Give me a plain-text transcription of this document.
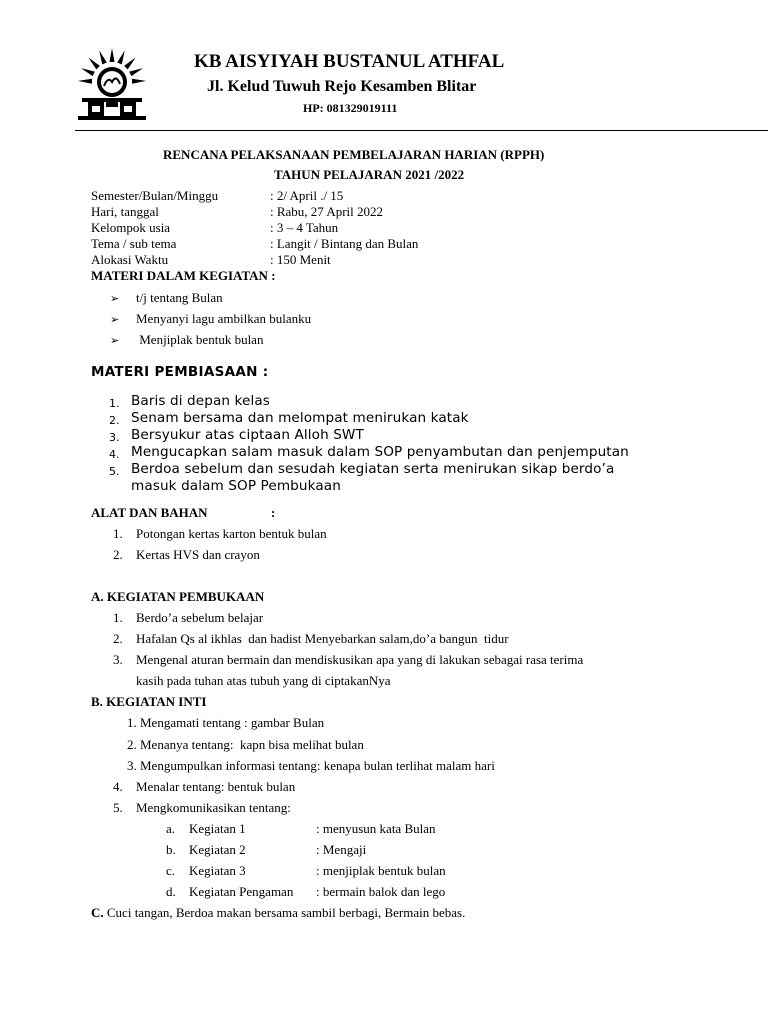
KB AISYIYAH BUSTANUL ATHFAL
Jl. Kelud Tuwuh Rejo Kesamben Blitar
HP: 081329019111
RENCANA PELAKSANAAN PEMBELAJARAN HARIAN (RPPH)
TAHUN PELAJARAN 2021 /2022
Semester/Bulan/Minggu	: 2/ April ./ 15
Hari, tanggal	: Rabu, 27 April 2022
Kelompok usia	: 3 – 4 Tahun
Tema / sub tema	: Langit / Bintang dan Bulan
Alokasi Waktu	: 150 Menit
MATERI DALAM KEGIATAN :
➢ t/j tentang Bulan
➢ Menyanyi lagu ambilkan bulanku
➢ Menjiplak bentuk bulan
MATERI PEMBIASAAN :
1. Baris di depan kelas
2. Senam bersama dan melompat menirukan katak
3. Bersyukur atas ciptaan Alloh SWT
4. Mengucapkan salam masuk dalam SOP penyambutan dan penjemputan
5. Berdoa sebelum dan sesudah kegiatan serta menirukan sikap berdo’a
masuk dalam SOP Pembukaan
ALAT DAN BAHAN	:
1. Potongan kertas karton bentuk bulan
2. Kertas HVS dan crayon
A. KEGIATAN PEMBUKAAN
1. Berdo’a sebelum belajar
2. Hafalan Qs al ikhlas  dan hadist Menyebarkan salam,do’a bangun  tidur
3. Mengenal aturan bermain dan mendiskusikan apa yang di lakukan sebagai rasa terima
kasih pada tuhan atas tubuh yang di ciptakanNya
B. KEGIATAN INTI
1. Mengamati tentang : gambar Bulan
2. Menanya tentang:  kapn bisa melihat bulan
3. Mengumpulkan informasi tentang: kenapa bulan terlihat malam hari
4. Menalar tentang: bentuk bulan
5. Mengkomunikasikan tentang:
a. Kegiatan 1	: menyusun kata Bulan
b. Kegiatan 2	: Mengaji
c. Kegiatan 3	: menjiplak bentuk bulan
d. Kegiatan Pengaman : bermain balok dan lego
C. Cuci tangan, Berdoa makan bersama sambil berbagi, Bermain bebas.
